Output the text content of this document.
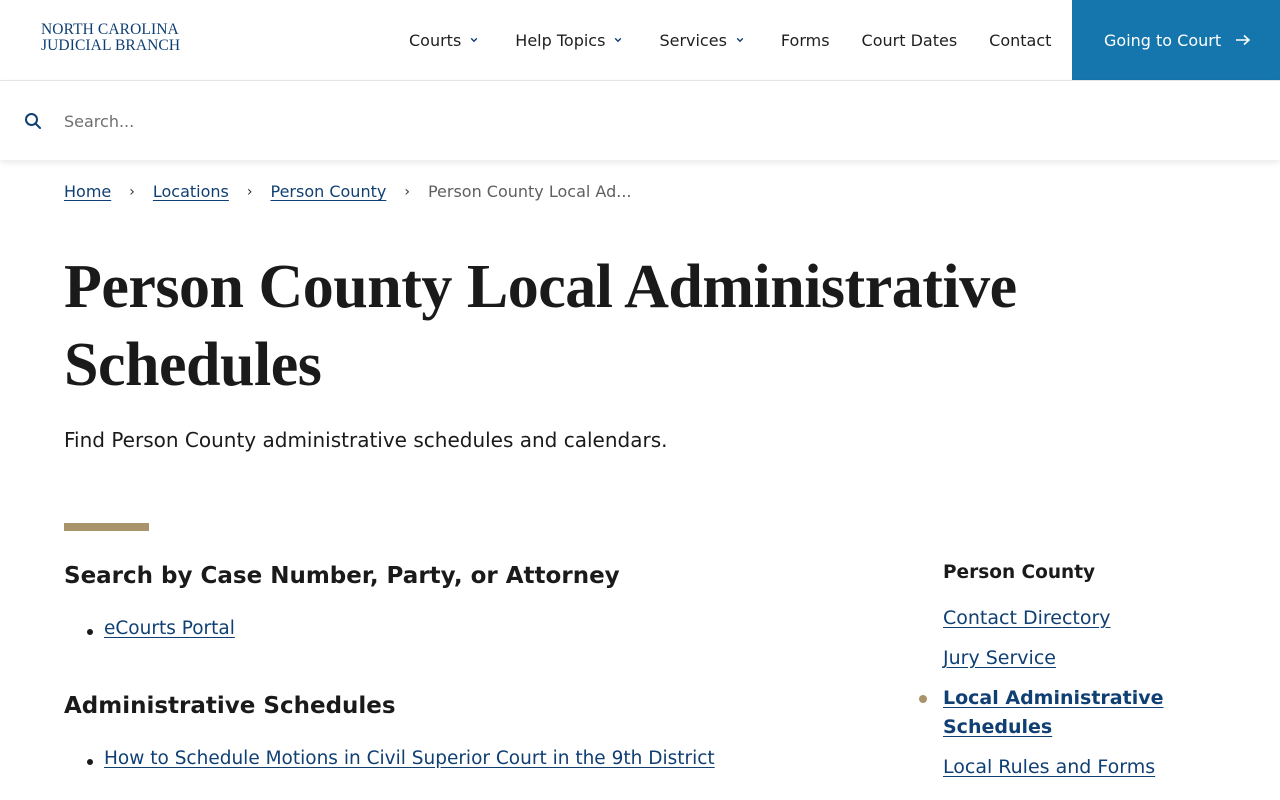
NORTH CAROLINA
JUDICIAL BRANCH	Courts	Help Topics	Services	Forms Court Dates Contact	Going to Court
Search...
Home › Locations › Person County › Person County Local Ad...
Person County Local Administrative Schedules

Find Person County administrative schedules and calendars.

Search by Case Number, Party, or Attorney
eCourts Portal
Administrative Schedules
How to Schedule Motions in Civil Superior Court in the 9th District
Person County
Contact Directory
Jury Service
Local Administrative Schedules
Local Rules and Forms
